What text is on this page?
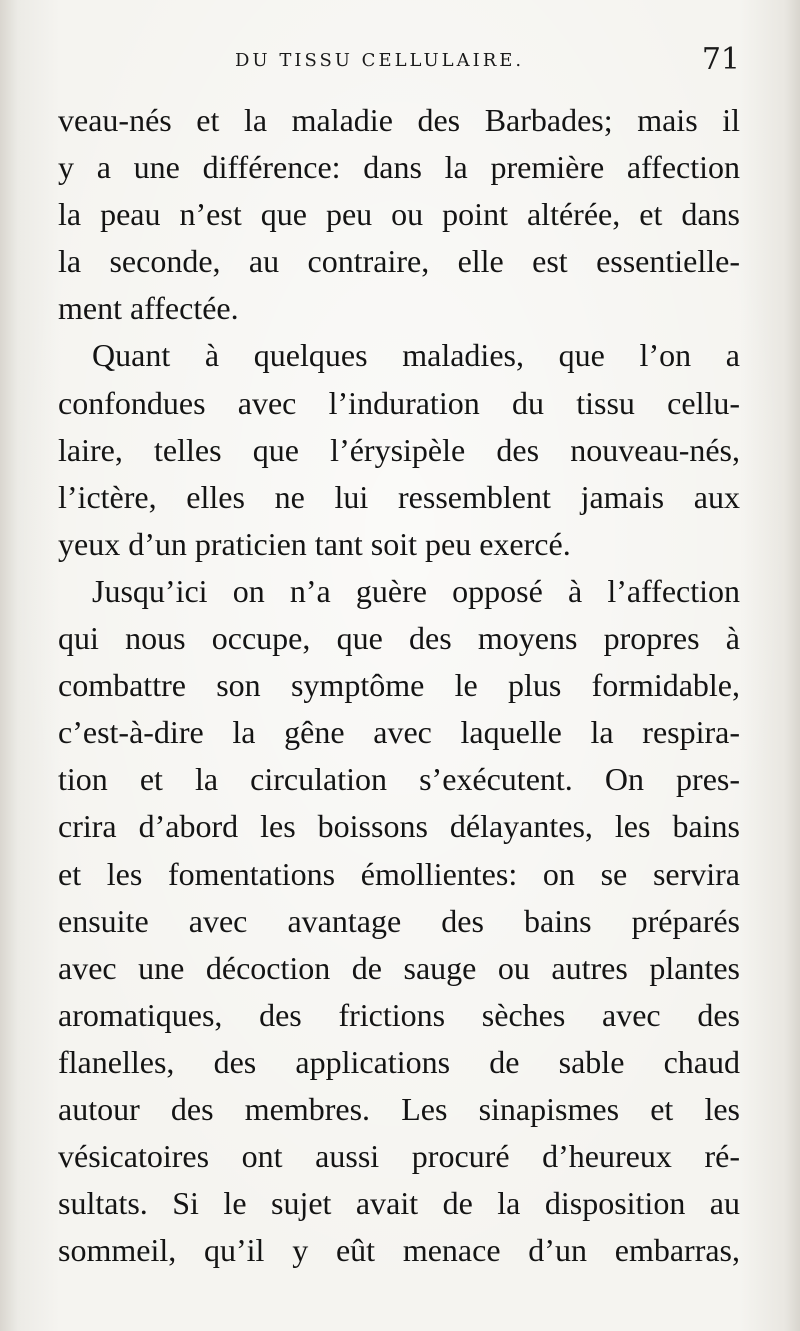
DU TISSU CELLULAIRE.	71
veau-nés et la maladie des Barbades; mais il
y a une différence: dans la première affection
la peau n’est que peu ou point altérée, et dans
la seconde, au contraire, elle est essentielle-
ment affectée.
Quant à quelques maladies, que l’on a
confondues avec l’induration du tissu cellu-
laire, telles que l’érysipèle des nouveau-nés,
l’ictère, elles ne lui ressemblent jamais aux
yeux d’un praticien tant soit peu exercé.
Jusqu’ici on n’a guère opposé à l’affection
qui nous occupe, que des moyens propres à
combattre son symptôme le plus formidable,
c’est-à-dire la gêne avec laquelle la respira-
tion et la circulation s’exécutent. On pres-
crira d’abord les boissons délayantes, les bains
et les fomentations émollientes: on se servira
ensuite avec avantage des bains préparés
avec une décoction de sauge ou autres plantes
aromatiques, des frictions sèches avec des
flanelles, des applications de sable chaud
autour des membres. Les sinapismes et les
vésicatoires ont aussi procuré d’heureux ré-
sultats. Si le sujet avait de la disposition au
sommeil, qu’il y eût menace d’un embarras,
